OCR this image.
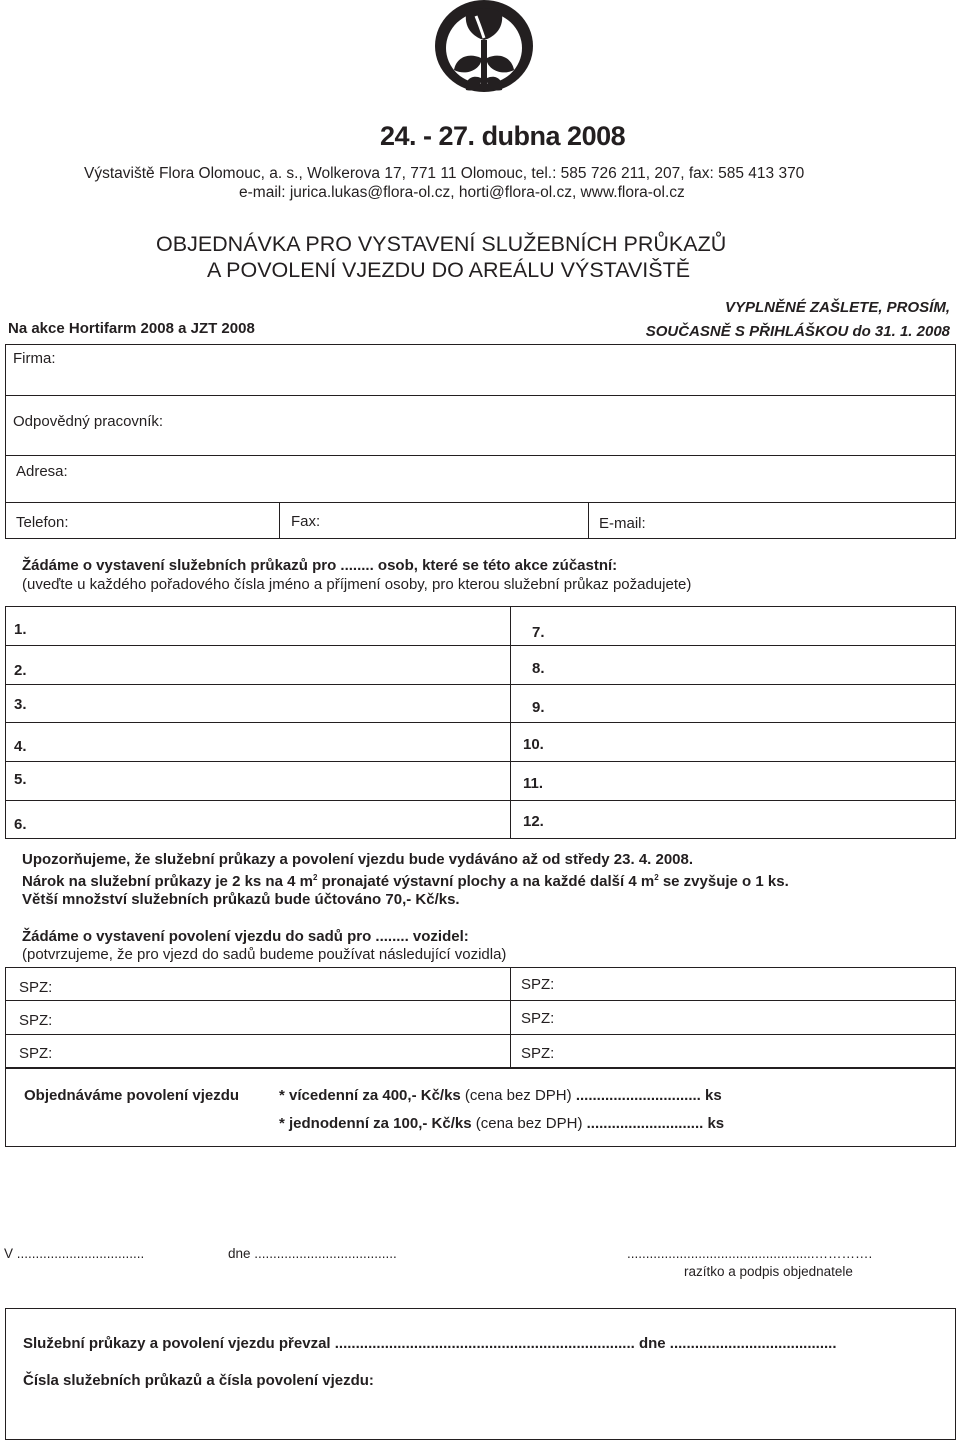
24. - 27. dubna 2008
Výstaviště Flora Olomouc, a. s., Wolkerova 17, 771 11 Olomouc, tel.: 585 726 211, 207, fax: 585 413 370
e-mail: jurica.lukas@flora-ol.cz, horti@flora-ol.cz, www.flora-ol.cz
OBJEDNÁVKA PRO VYSTAVENÍ SLUŽEBNÍCH PRŮKAZŮ
A POVOLENÍ VJEZDU DO AREÁLU VÝSTAVIŠTĚ
Na akce Hortifarm 2008 a JZT 2008
VYPLNĚNÉ ZAŠLETE, PROSÍM,
SOUČASNĚ S PŘIHLÁŠKOU do 31. 1. 2008
Firma:
Odpovědný pracovník:
Adresa:
Telefon:	Fax:	E-mail:
Žádáme o vystavení služebních průkazů pro ........ osob, které se této akce zúčastní:
(uveďte u každého pořadového čísla jméno a příjmení osoby, pro kterou služební průkaz požadujete)
1.
2.
3.
4.
5.
6.
7.
8.
9.
10.
11.
12.
Upozorňujeme, že služební průkazy a povolení vjezdu bude vydáváno až od středy 23. 4. 2008.
Nárok na služební průkazy je 2 ks na 4 $m^2$ pronajaté výstavní plochy a na každé další 4 $m^2$ se zvyšuje o 1 ks.
Větší množství služebních průkazů bude účtováno 70,- Kč/ks.
Žádáme o vystavení povolení vjezdu do sadů pro ........ vozidel:
(potvrzujeme, že pro vjezd do sadů budeme používat následující vozidla)
SPZ:
SPZ:
SPZ:
SPZ:
SPZ:
SPZ:
Objednáváme povolení vjezdu	* vícedenní za 400,- Kč/ks (cena bez DPH) .............................. ks
* jednodenní za 100,- Kč/ks (cena bez DPH) ............................ ks
V ..................................	dne ......................................	..................................................………….
razítko a podpis objednatele
Služební průkazy a povolení vjezdu převzal ........................................................................ dne ........................................
Čísla služebních průkazů a čísla povolení vjezdu:
